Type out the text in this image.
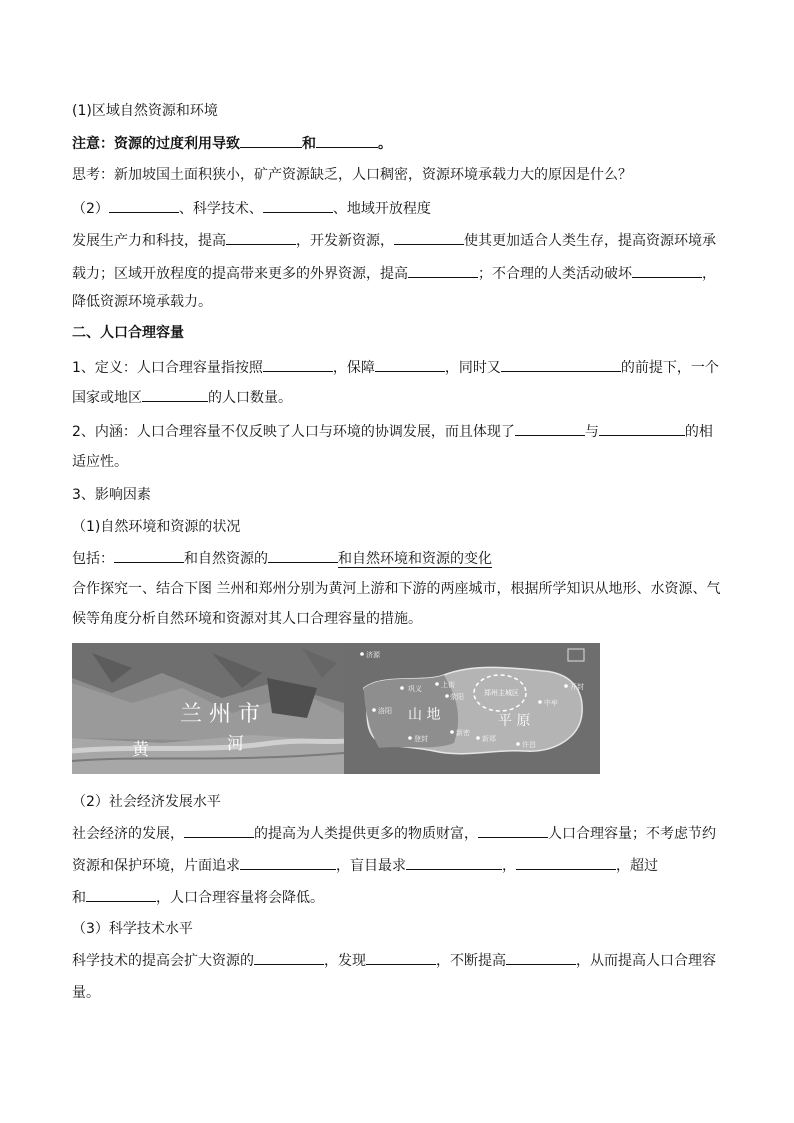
(1)区域自然资源和环境
注意：资源的过度利用导致	和	。
思考：新加坡国土面积狭小，矿产资源缺乏，人口稠密，资源环境承载力大的原因是什么？
（2）	、科学技术、	、地域开放程度
发展生产力和科技，提高	，开发新资源，	使其更加适合人类生存，提高资源环境承
载力；区域开放程度的提高带来更多的外界资源，提高	；不合理的人类活动破坏	，
降低资源环境承载力。
二、人口合理容量
1、定义：人口合理容量指按照	，保障	，同时又	的前提下，一个
国家或地区	的人口数量。
2、内涵：人口合理容量不仅反映了人口与环境的协调发展，而且体现了	与	的相
适应性。
3、影响因素
（1)自然环境和资源的状况
包括：	和自然资源的	和自然环境和资源的变化
合作探究一、结合下图 兰州和郑州分别为黄河上游和下游的两座城市，根据所学知识从地形、水资源、气
候等角度分析自然环境和资源对其人口合理容量的措施。
兰 州 市
黄	河
山 地	平 原
郑州主城区
济源
巩义	上街
荥阳
洛阳
登封
新密
新郑
中牟
开封
许昌
（2）社会经济发展水平
社会经济的发展，	的提高为人类提供更多的物质财富，	人口合理容量；不考虑节约
资源和保护环境，片面追求	，盲目最求	，	，超过
和	，人口合理容量将会降低。
（3）科学技术水平
科学技术的提高会扩大资源的	，发现	，不断提高	，从而提高人口合理容
量。
